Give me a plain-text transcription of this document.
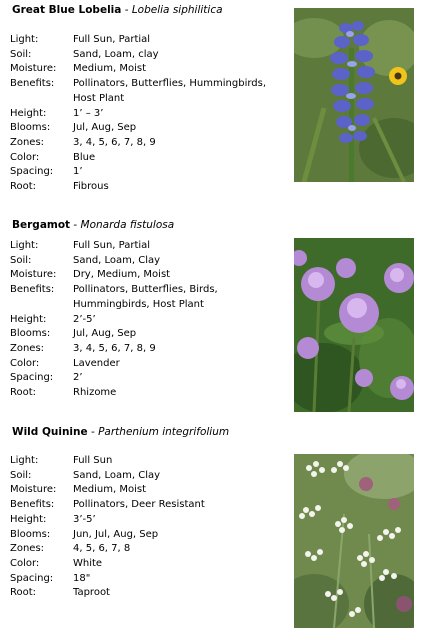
Great Blue Lobelia - Lobelia siphilitica
Light:	Full Sun, Partial
Soil:	Sand, Loam, clay
Moisture:	Medium, Moist
Benefits:	Pollinators, Butterflies, Hummingbirds, Host Plant
Height:	1’ – 3’
Blooms:	Jul, Aug, Sep
Zones:	3, 4, 5, 6, 7, 8, 9
Color:	Blue
Spacing:	1’
Root:	Fibrous
Bergamot - Monarda fistulosa
Light:	Full Sun, Partial
Soil:	Sand, Loam, Clay
Moisture:	Dry, Medium, Moist
Benefits:	Pollinators, Butterflies, Birds, Hummingbirds, Host Plant
Height:	2’-5’
Blooms:	Jul, Aug, Sep
Zones:	3, 4, 5, 6, 7, 8, 9
Color:	Lavender
Spacing:	2’
Root:	Rhizome
Wild Quinine - Parthenium integrifolium
Light:	Full Sun
Soil:	Sand, Loam, Clay
Moisture:	Medium, Moist
Benefits:	Pollinators, Deer Resistant
Height:	3’-5’
Blooms:	Jun, Jul, Aug, Sep
Zones:	4, 5, 6, 7, 8
Color:	White
Spacing:	18"
Root:	Taproot
